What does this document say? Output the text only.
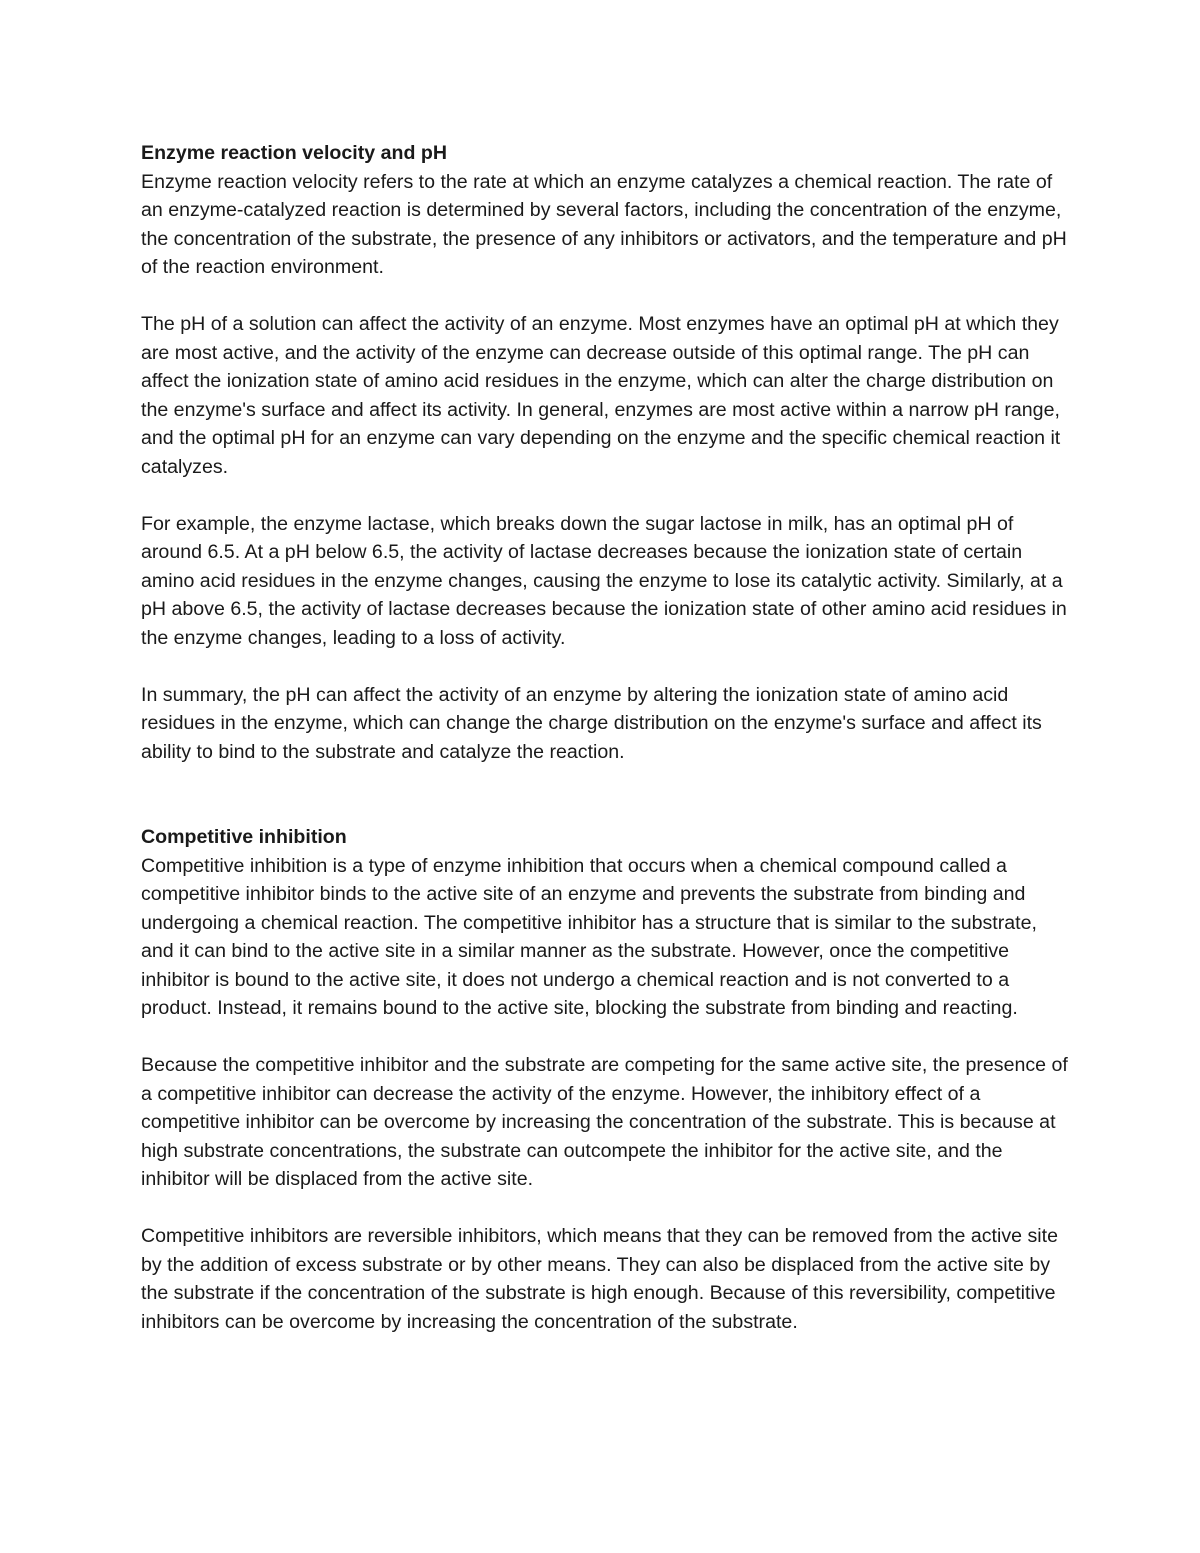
Enzyme reaction velocity and pH

Enzyme reaction velocity refers to the rate at which an enzyme catalyzes a chemical reaction. The rate of an enzyme-catalyzed reaction is determined by several factors, including the concentration of the enzyme, the concentration of the substrate, the presence of any inhibitors or activators, and the temperature and pH of the reaction environment.

The pH of a solution can affect the activity of an enzyme. Most enzymes have an optimal pH at which they are most active, and the activity of the enzyme can decrease outside of this optimal range. The pH can affect the ionization state of amino acid residues in the enzyme, which can alter the charge distribution on the enzyme's surface and affect its activity. In general, enzymes are most active within a narrow pH range, and the optimal pH for an enzyme can vary depending on the enzyme and the specific chemical reaction it catalyzes.

For example, the enzyme lactase, which breaks down the sugar lactose in milk, has an optimal pH of around 6.5. At a pH below 6.5, the activity of lactase decreases because the ionization state of certain amino acid residues in the enzyme changes, causing the enzyme to lose its catalytic activity. Similarly, at a pH above 6.5, the activity of lactase decreases because the ionization state of other amino acid residues in the enzyme changes, leading to a loss of activity.

In summary, the pH can affect the activity of an enzyme by altering the ionization state of amino acid residues in the enzyme, which can change the charge distribution on the enzyme's surface and affect its ability to bind to the substrate and catalyze the reaction.

Competitive inhibition

Competitive inhibition is a type of enzyme inhibition that occurs when a chemical compound called a competitive inhibitor binds to the active site of an enzyme and prevents the substrate from binding and undergoing a chemical reaction. The competitive inhibitor has a structure that is similar to the substrate, and it can bind to the active site in a similar manner as the substrate. However, once the competitive inhibitor is bound to the active site, it does not undergo a chemical reaction and is not converted to a product. Instead, it remains bound to the active site, blocking the substrate from binding and reacting.

Because the competitive inhibitor and the substrate are competing for the same active site, the presence of a competitive inhibitor can decrease the activity of the enzyme. However, the inhibitory effect of a competitive inhibitor can be overcome by increasing the concentration of the substrate. This is because at high substrate concentrations, the substrate can outcompete the inhibitor for the active site, and the inhibitor will be displaced from the active site.

Competitive inhibitors are reversible inhibitors, which means that they can be removed from the active site by the addition of excess substrate or by other means. They can also be displaced from the active site by the substrate if the concentration of the substrate is high enough. Because of this reversibility, competitive inhibitors can be overcome by increasing the concentration of the substrate.
